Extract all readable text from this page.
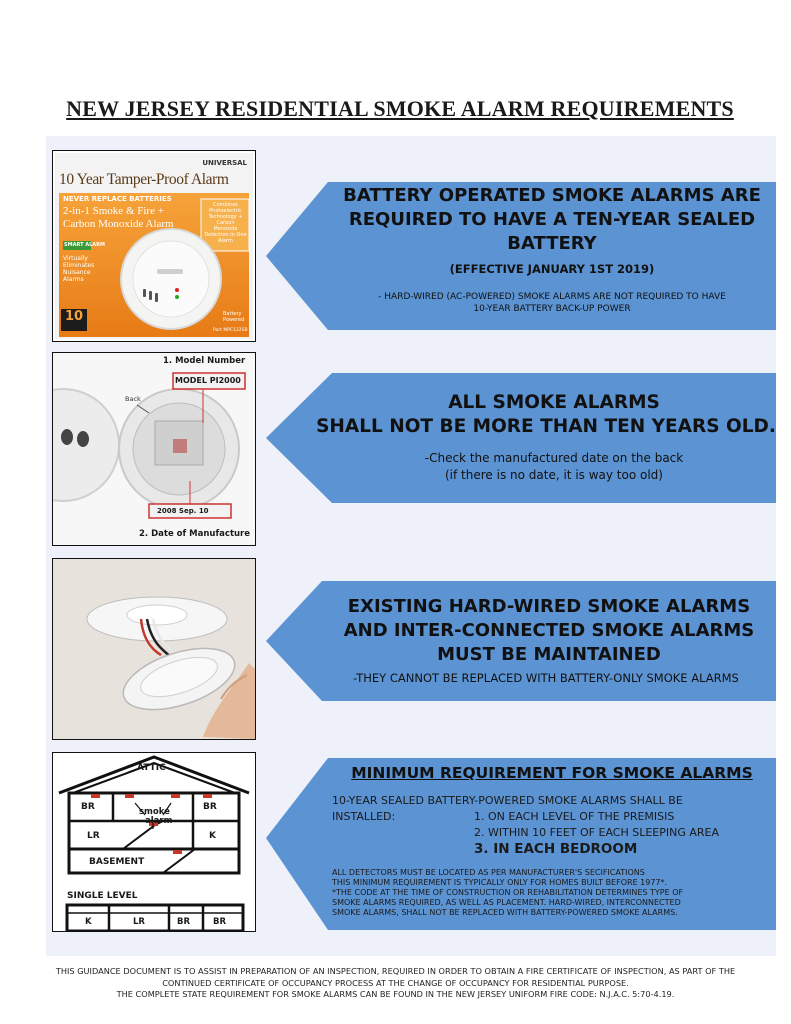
NEW JERSEY RESIDENTIAL SMOKE ALARM REQUIREMENTS
UNIVERSAL
10 Year Tamper-Proof Alarm
NEVER REPLACE BATTERIES
2-in-1 Smoke & Fire +
Carbon Monoxide Alarm
Combines Photoelectric Technology + Carbon Monoxide Detection in One Alarm
SMART ALARM
Virtually Eliminates Nuisance Alarms
10	Battery Powered
Part MPC122SB
BATTERY OPERATED SMOKE ALARMS ARE REQUIRED TO HAVE A TEN-YEAR SEALED BATTERY
(EFFECTIVE JANUARY 1ST 2019)
- HARD-WIRED (AC-POWERED) SMOKE ALARMS ARE NOT REQUIRED TO HAVE
10-YEAR BATTERY BACK-UP POWER
1. Model Number
MODEL PI2000
Back
2008 Sep. 10
2. Date of Manufacture
ALL SMOKE ALARMS
SHALL NOT BE MORE THAN TEN YEARS OLD.
-Check the manufactured date on the back
(if there is no date, it is way too old)
EXISTING HARD-WIRED SMOKE ALARMS
AND INTER-CONNECTED SMOKE ALARMS
MUST BE MAINTAINED
-THEY CANNOT BE REPLACED WITH BATTERY-ONLY SMOKE ALARMS
ATTIC
BR	BR
smoke
alarm
LR	K
BASEMENT
SINGLE LEVEL
K	LR	BR	BR
MINIMUM REQUIREMENT FOR SMOKE ALARMS
10-YEAR SEALED BATTERY-POWERED SMOKE ALARMS SHALL BE
INSTALLED:	1. ON EACH LEVEL OF THE PREMISIS
2. WITHIN 10 FEET OF EACH SLEEPING AREA
3. IN EACH BEDROOM
ALL DETECTORS MUST BE LOCATED AS PER MANUFACTURER'S SECIFICATIONS
THIS MINIMUM REQUIREMENT IS TYPICALLY ONLY FOR HOMES BUILT BEFORE 1977*.
*THE CODE AT THE TIME OF CONSTRUCTION OR REHABILITATION DETERMINES TYPE OF
SMOKE ALARMS REQUIRED, AS WELL AS PLACEMENT. HARD-WIRED, INTERCONNECTED
SMOKE ALARMS, SHALL NOT BE REPLACED WITH BATTERY-POWERED SMOKE ALARMS.
THIS GUIDANCE DOCUMENT IS TO ASSIST IN PREPARATION OF AN INSPECTION, REQUIRED IN ORDER TO OBTAIN A FIRE CERTIFICATE OF INSPECTION, AS PART OF THE
CONTINUED CERTIFICATE OF OCCUPANCY PROCESS AT THE CHANGE OF OCCUPANCY FOR RESIDENTIAL PURPOSE.
THE COMPLETE STATE REQUIREMENT FOR SMOKE ALARMS CAN BE FOUND IN THE NEW JERSEY UNIFORM FIRE CODE: N.J.A.C. 5:70-4.19.
